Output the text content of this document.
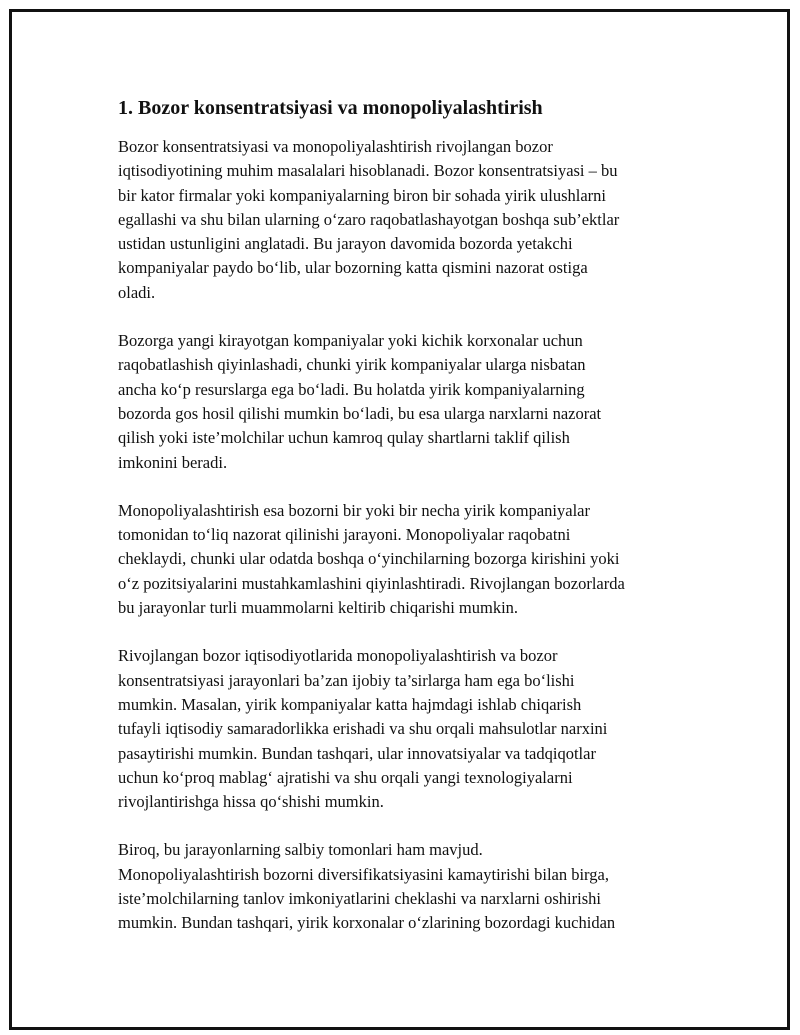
1. Bozor konsentratsiyasi va monopoliyalashtirish

Bozor konsentratsiyasi va monopoliyalashtirish rivojlangan bozor
iqtisodiyotining muhim masalalari hisoblanadi. Bozor konsentratsiyasi – bu
bir kator firmalar yoki kompaniyalarning biron bir sohada yirik ulushlarni
egallashi va shu bilan ularning o‘zaro raqobatlashayotgan boshqa sub’ektlar
ustidan ustunligini anglatadi. Bu jarayon davomida bozorda yetakchi
kompaniyalar paydo bo‘lib, ular bozorning katta qismini nazorat ostiga
oladi.

Bozorga yangi kirayotgan kompaniyalar yoki kichik korxonalar uchun
raqobatlashish qiyinlashadi, chunki yirik kompaniyalar ularga nisbatan
ancha ko‘p resurslarga ega bo‘ladi. Bu holatda yirik kompaniyalarning
bozorda gos hosil qilishi mumkin bo‘ladi, bu esa ularga narxlarni nazorat
qilish yoki iste’molchilar uchun kamroq qulay shartlarni taklif qilish
imkonini beradi.

Monopoliyalashtirish esa bozorni bir yoki bir necha yirik kompaniyalar
tomonidan to‘liq nazorat qilinishi jarayoni. Monopoliyalar raqobatni
cheklaydi, chunki ular odatda boshqa o‘yinchilarning bozorga kirishini yoki
o‘z pozitsiyalarini mustahkamlashini qiyinlashtiradi. Rivojlangan bozorlarda
bu jarayonlar turli muammolarni keltirib chiqarishi mumkin.

Rivojlangan bozor iqtisodiyotlarida monopoliyalashtirish va bozor
konsentratsiyasi jarayonlari ba’zan ijobiy ta’sirlarga ham ega bo‘lishi
mumkin. Masalan, yirik kompaniyalar katta hajmdagi ishlab chiqarish
tufayli iqtisodiy samaradorlikka erishadi va shu orqali mahsulotlar narxini
pasaytirishi mumkin. Bundan tashqari, ular innovatsiyalar va tadqiqotlar
uchun ko‘proq mablag‘ ajratishi va shu orqali yangi texnologiyalarni
rivojlantirishga hissa qo‘shishi mumkin.

Biroq, bu jarayonlarning salbiy tomonlari ham mavjud.
Monopoliyalashtirish bozorni diversifikatsiyasini kamaytirishi bilan birga,
iste’molchilarning tanlov imkoniyatlarini cheklashi va narxlarni oshirishi
mumkin. Bundan tashqari, yirik korxonalar o‘zlarining bozordagi kuchidan
